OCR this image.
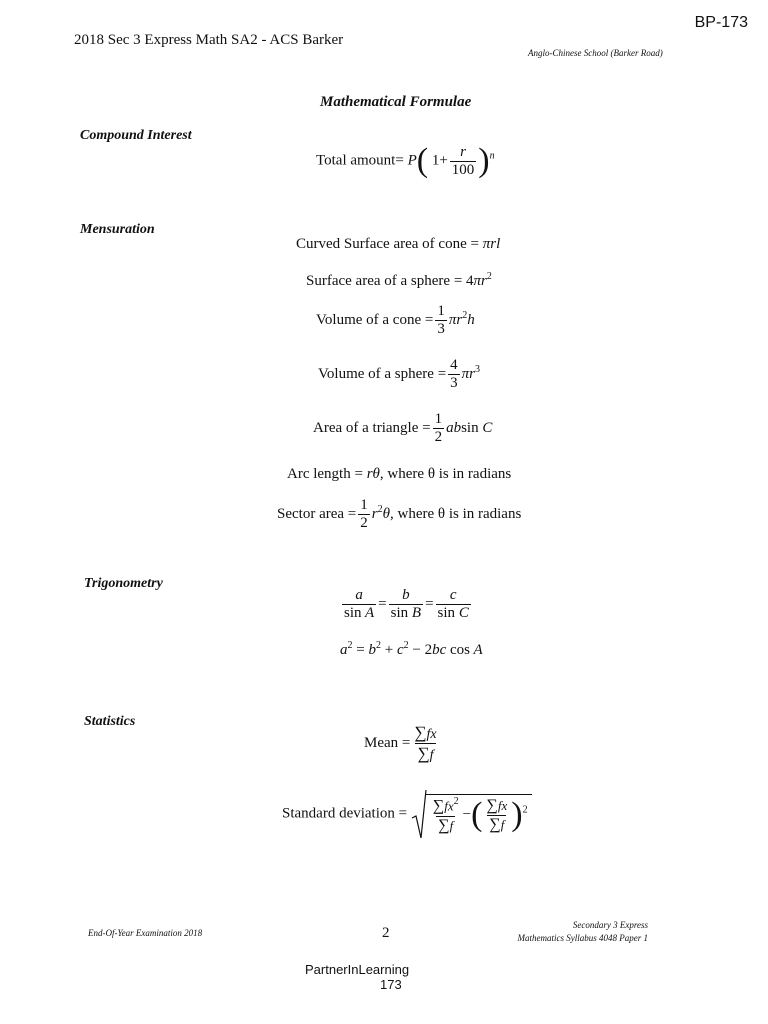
BP-173
2018 Sec 3 Express Math SA2 - ACS Barker
Anglo-Chinese School (Barker Road)
Mathematical Formulae
Compound Interest
Total amount= P( $1+ \frac{r}{100} )^n$
Mensuration
Curved Surface area of cone = πrl
Surface area of a sphere = $4\pi r^2$
Volume of a cone = $\frac{1}{3} \pi r^2h$
Volume of a sphere = $\frac{4}{3} \pi r^3$
Area of a triangle = $\frac{1}{2}$ absin C
Arc length = rθ, where θ is in radians
Sector area = $\frac{1}{2} r^2\theta$, where θ is in radians
Trigonometry
$\frac{a}{\text{sin A}} = \frac{b}{\text{sin B}} = \frac{c}{\text{sin C}}$
$a^2 = b^2 + c^2 - 2bc$ cos A
Statistics
Mean = $\frac{\sum fx}{\sum f}$
Standard deviation = $\frac{\sum fx^2}{\sum f}$ −( $\frac{\sum fx}{\sum f} )^2$
End-Of-Year Examination 2018	2	Secondary 3 Express
Mathematics Syllabus 4048 Paper 1
PartnerInLearning
173
